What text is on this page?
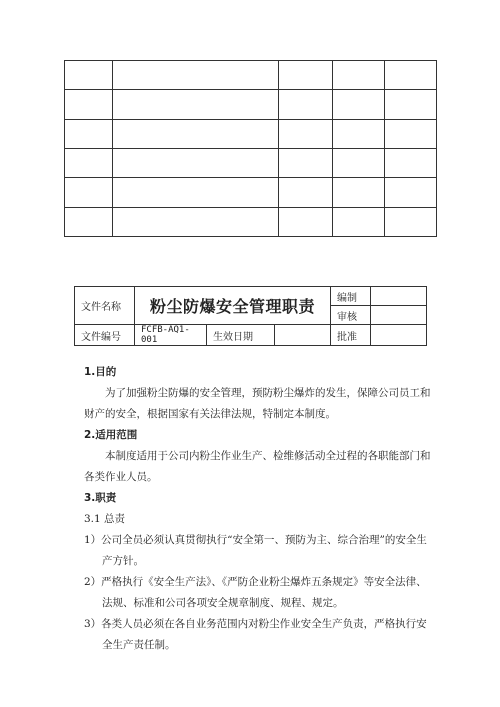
文件名称	粉尘防爆安全管理职责			编制	
				审核	
文件编号	FCFB-AQ1-001	生效日期		批准	

1.目的

为了加强粉尘防爆的安全管理，预防粉尘爆炸的发生，保障公司员工和财产的安全，根据国家有关法律法规，特制定本制度。

2.适用范围

本制度适用于公司内粉尘作业生产、检维修活动全过程的各职能部门和各类作业人员。

3.职责

3.1 总责

1）公司全员必须认真贯彻执行“安全第一、预防为主、综合治理”的安全生产方针。

2）严格执行《安全生产法》、《严防企业粉尘爆炸五条规定》等安全法律、法规、标准和公司各项安全规章制度、规程、规定。

3）各类人员必须在各自业务范围内对粉尘作业安全生产负责，严格执行安全生产责任制。
